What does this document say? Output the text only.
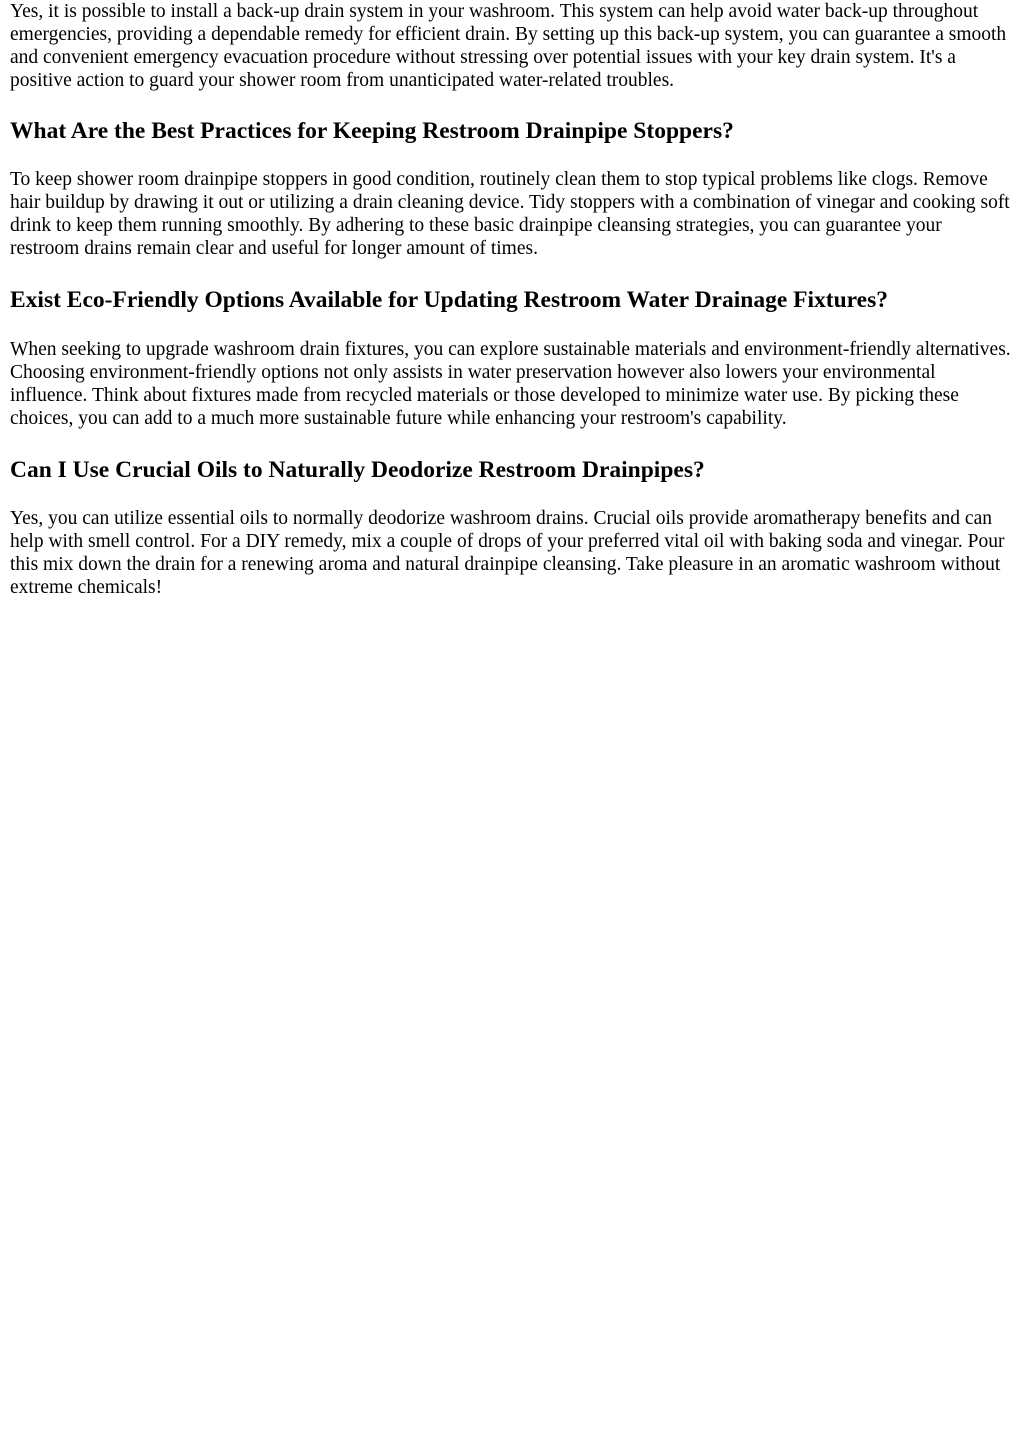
Yes, it is possible to install a back-up drain system in your washroom. This system can help avoid water back-up throughout emergencies, providing a dependable remedy for efficient drain. By setting up this back-up system, you can guarantee a smooth and convenient emergency evacuation procedure without stressing over potential issues with your key drain system. It's a positive action to guard your shower room from unanticipated water-related troubles.

What Are the Best Practices for Keeping Restroom Drainpipe Stoppers?

To keep shower room drainpipe stoppers in good condition, routinely clean them to stop typical problems like clogs. Remove hair buildup by drawing it out or utilizing a drain cleaning device. Tidy stoppers with a combination of vinegar and cooking soft drink to keep them running smoothly. By adhering to these basic drainpipe cleansing strategies, you can guarantee your restroom drains remain clear and useful for longer amount of times.

Exist Eco-Friendly Options Available for Updating Restroom Water Drainage Fixtures?

When seeking to upgrade washroom drain fixtures, you can explore sustainable materials and environment-friendly alternatives. Choosing environment-friendly options not only assists in water preservation however also lowers your environmental influence. Think about fixtures made from recycled materials or those developed to minimize water use. By picking these choices, you can add to a much more sustainable future while enhancing your restroom's capability.

Can I Use Crucial Oils to Naturally Deodorize Restroom Drainpipes?

Yes, you can utilize essential oils to normally deodorize washroom drains. Crucial oils provide aromatherapy benefits and can help with smell control. For a DIY remedy, mix a couple of drops of your preferred vital oil with baking soda and vinegar. Pour this mix down the drain for a renewing aroma and natural drainpipe cleansing. Take pleasure in an aromatic washroom without extreme chemicals!
